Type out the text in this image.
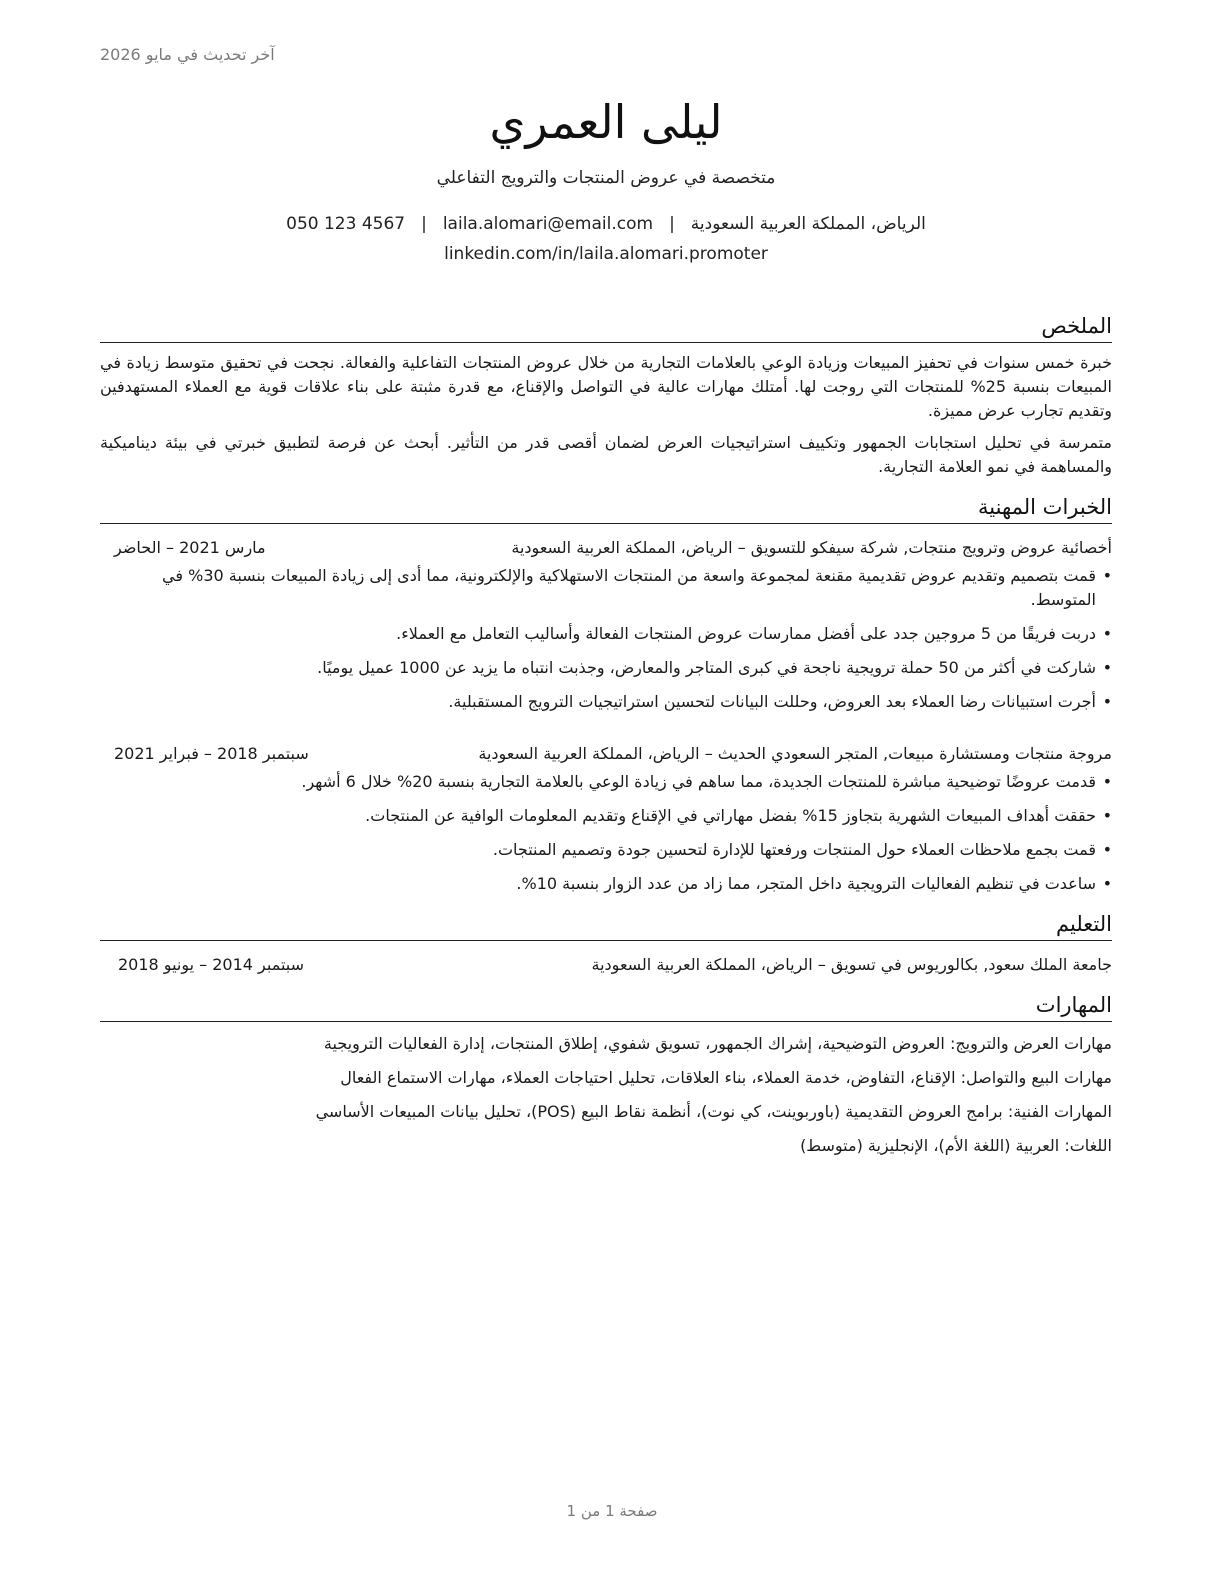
آخر تحديث في مايو 2026
ليلى العمري
متخصصة في عروض المنتجات والترويج التفاعلي
الرياض، المملكة العربية السعودية|laila.alomari@email.com|050 123 4567
linkedin.com/in/laila.alomari.promoter
الملخص

خبرة خمس سنوات في تحفيز المبيعات وزيادة الوعي بالعلامات التجارية من خلال عروض المنتجات التفاعلية والفعالة. نجحت في تحقيق متوسط زيادة في المبيعات بنسبة 25% للمنتجات التي روجت لها. أمتلك مهارات عالية في التواصل والإقناع، مع قدرة مثبتة على بناء علاقات قوية مع العملاء المستهدفين وتقديم تجارب عرض مميزة.

متمرسة في تحليل استجابات الجمهور وتكييف استراتيجيات العرض لضمان أقصى قدر من التأثير. أبحث عن فرصة لتطبيق خبرتي في بيئة ديناميكية والمساهمة في نمو العلامة التجارية.

الخبرات المهنية
أخصائية عروض وترويج منتجات, شركة سيفكو للتسويق – الرياض، المملكة العربية السعودية
مارس 2021 – الحاضر
• قمت بتصميم وتقديم عروض تقديمية مقنعة لمجموعة واسعة من المنتجات الاستهلاكية والإلكترونية، مما أدى إلى زيادة المبيعات بنسبة 30% في المتوسط.
• دربت فريقًا من 5 مروجين جدد على أفضل ممارسات عروض المنتجات الفعالة وأساليب التعامل مع العملاء.
• شاركت في أكثر من 50 حملة ترويجية ناجحة في كبرى المتاجر والمعارض، وجذبت انتباه ما يزيد عن 1000 عميل يوميًا.
• أجرت استبيانات رضا العملاء بعد العروض، وحللت البيانات لتحسين استراتيجيات الترويج المستقبلية.
مروجة منتجات ومستشارة مبيعات, المتجر السعودي الحديث – الرياض، المملكة العربية السعودية
سبتمبر 2018 – فبراير 2021
• قدمت عروضًا توضيحية مباشرة للمنتجات الجديدة، مما ساهم في زيادة الوعي بالعلامة التجارية بنسبة 20% خلال 6 أشهر.
• حققت أهداف المبيعات الشهرية بتجاوز 15% بفضل مهاراتي في الإقناع وتقديم المعلومات الوافية عن المنتجات.
• قمت بجمع ملاحظات العملاء حول المنتجات ورفعتها للإدارة لتحسين جودة وتصميم المنتجات.
• ساعدت في تنظيم الفعاليات الترويجية داخل المتجر، مما زاد من عدد الزوار بنسبة 10%.
التعليم
جامعة الملك سعود, بكالوريوس في تسويق – الرياض، المملكة العربية السعودية
سبتمبر 2014 – يونيو 2018
المهارات
مهارات العرض والترويج: العروض التوضيحية، إشراك الجمهور، تسويق شفوي، إطلاق المنتجات، إدارة الفعاليات الترويجية
مهارات البيع والتواصل: الإقناع، التفاوض، خدمة العملاء، بناء العلاقات، تحليل احتياجات العملاء، مهارات الاستماع الفعال
المهارات الفنية: برامج العروض التقديمية (باوربوينت، كي نوت)، أنظمة نقاط البيع (POS)، تحليل بيانات المبيعات الأساسي
اللغات: العربية (اللغة الأم)، الإنجليزية (متوسط)
صفحة 1 من 1
